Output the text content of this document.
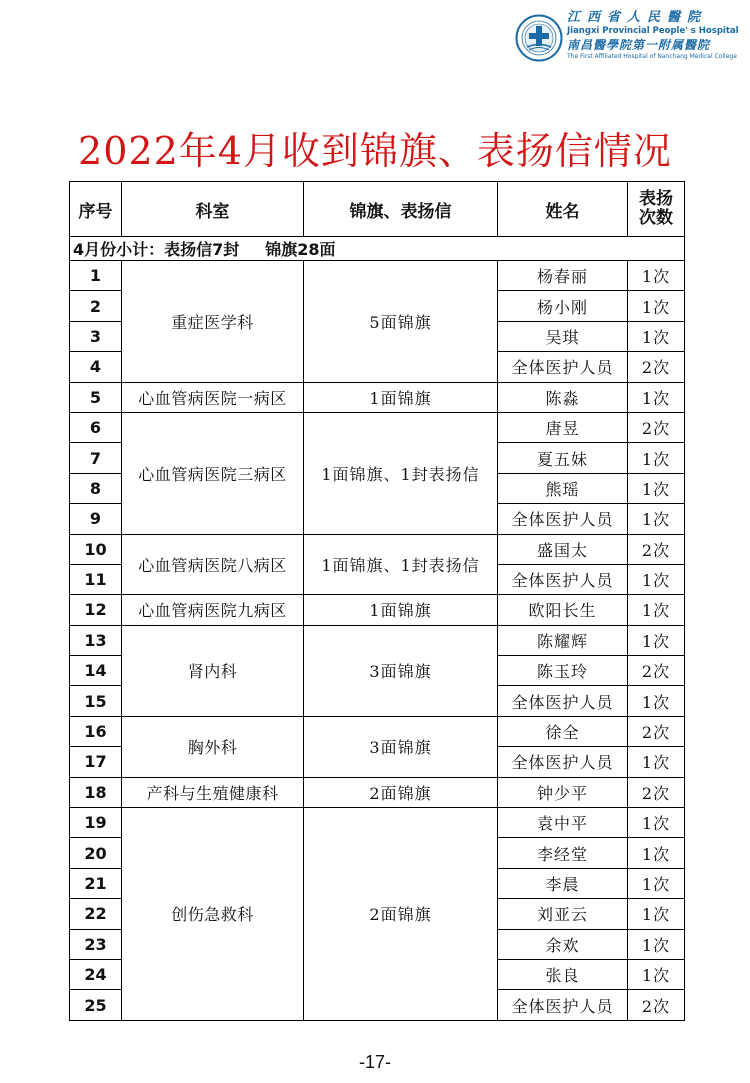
江西省人民醫院
Jiangxi Provincial People' s Hospital
南昌醫學院第一附属醫院
The First Affiliated Hospital of Nanchang Medical College
2022年4月收到锦旗、表扬信情况
序号	科室	锦旗、表扬信	姓名	表扬
次数

4月份小计：表扬信7封 锦旗28面				
1	重症医学科	5面锦旗	杨春丽	1次
2			杨小刚	1次
3			吴琪	1次
4			全体医护人员	2次
5	心血管病医院一病区	1面锦旗	陈淼	1次
6	心血管病医院三病区	1面锦旗、1封表扬信	唐昱	2次
7			夏五妹	1次
8			熊瑶	1次
9			全体医护人员	1次
10	心血管病医院八病区	1面锦旗、1封表扬信	盛国太	2次
11			全体医护人员	1次
12	心血管病医院九病区	1面锦旗	欧阳长生	1次
13	肾内科	3面锦旗	陈耀辉	1次
14			陈玉玲	2次
15			全体医护人员	1次
16	胸外科	3面锦旗	徐全	2次
17			全体医护人员	1次
18	产科与生殖健康科	2面锦旗	钟少平	2次
19	创伤急救科	2面锦旗	袁中平	1次
20			李经堂	1次
21			李晨	1次
22			刘亚云	1次
23			余欢	1次
24			张良	1次
25			全体医护人员	2次
-17-
